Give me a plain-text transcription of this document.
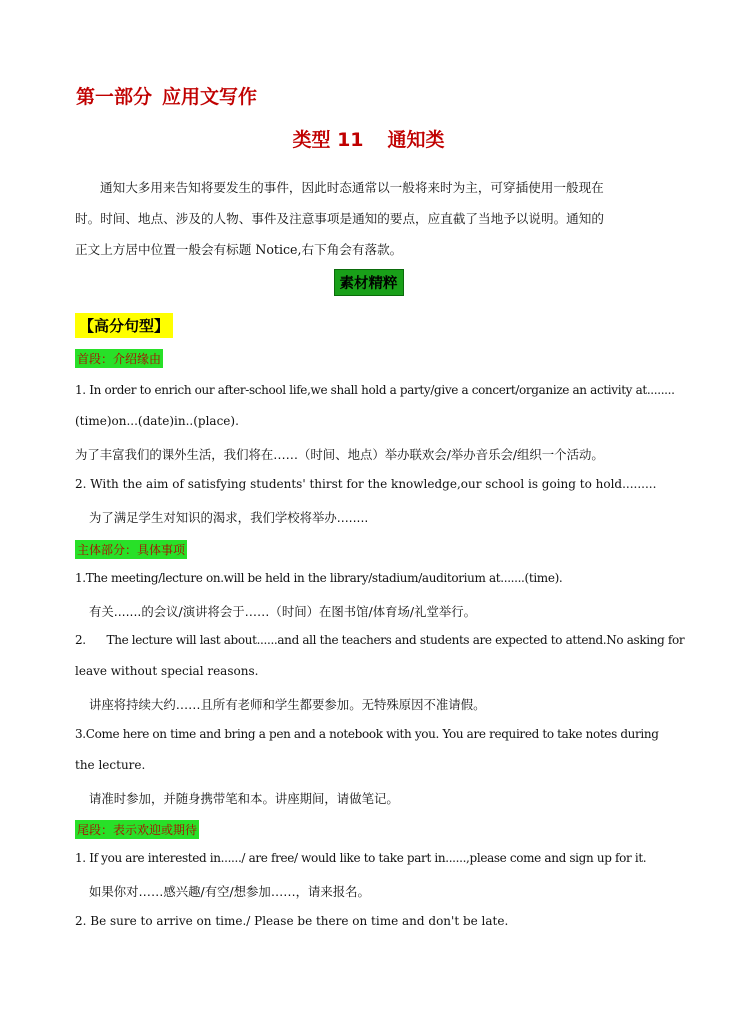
第一部分 应用文写作
类型 11 通知类

通知大多用来告知将要发生的事件，因此时态通常以一般将来时为主，可穿插使用一般现在

时。时间、地点、涉及的人物、事件及注意事项是通知的要点，应直截了当地予以说明。通知的
正文上方居中位置一般会有标题 Notice,右下角会有落款。
素材精粹
【高分句型】
首段：介绍缘由
1. In order to enrich our after-school life,we shall hold a party/give a concert/organize an activity at........
(time)on...(date)in..(place).
为了丰富我们的课外生活，我们将在……（时间、地点）举办联欢会/举办音乐会/组织一个活动。
2. With the aim of satisfying students' thirst for the knowledge,our school is going to hold.........
为了满足学生对知识的渴求，我们学校将举办........
主体部分：具体事项
1.The meeting/lecture on.will be held in the library/stadium/auditorium at.......(time).
有关.......的会议/演讲将会于……（时间）在图书馆/体育场/礼堂举行。
2.      The lecture will last about......and all the teachers and students are expected to attend.No asking for
leave without special reasons.
讲座将持续大约……且所有老师和学生都要参加。无特殊原因不准请假。
3.Come here on time and bring a pen and a notebook with you. You are required to take notes during
the lecture.
请准时参加，并随身携带笔和本。讲座期间，请做笔记。
尾段：表示欢迎或期待
1. If you are interested in....../ are free/ would like to take part in......,please come and sign up for it.
如果你对……感兴趣/有空/想参加……，请来报名。
2. Be sure to arrive on time./ Please be there on time and don't be late.
